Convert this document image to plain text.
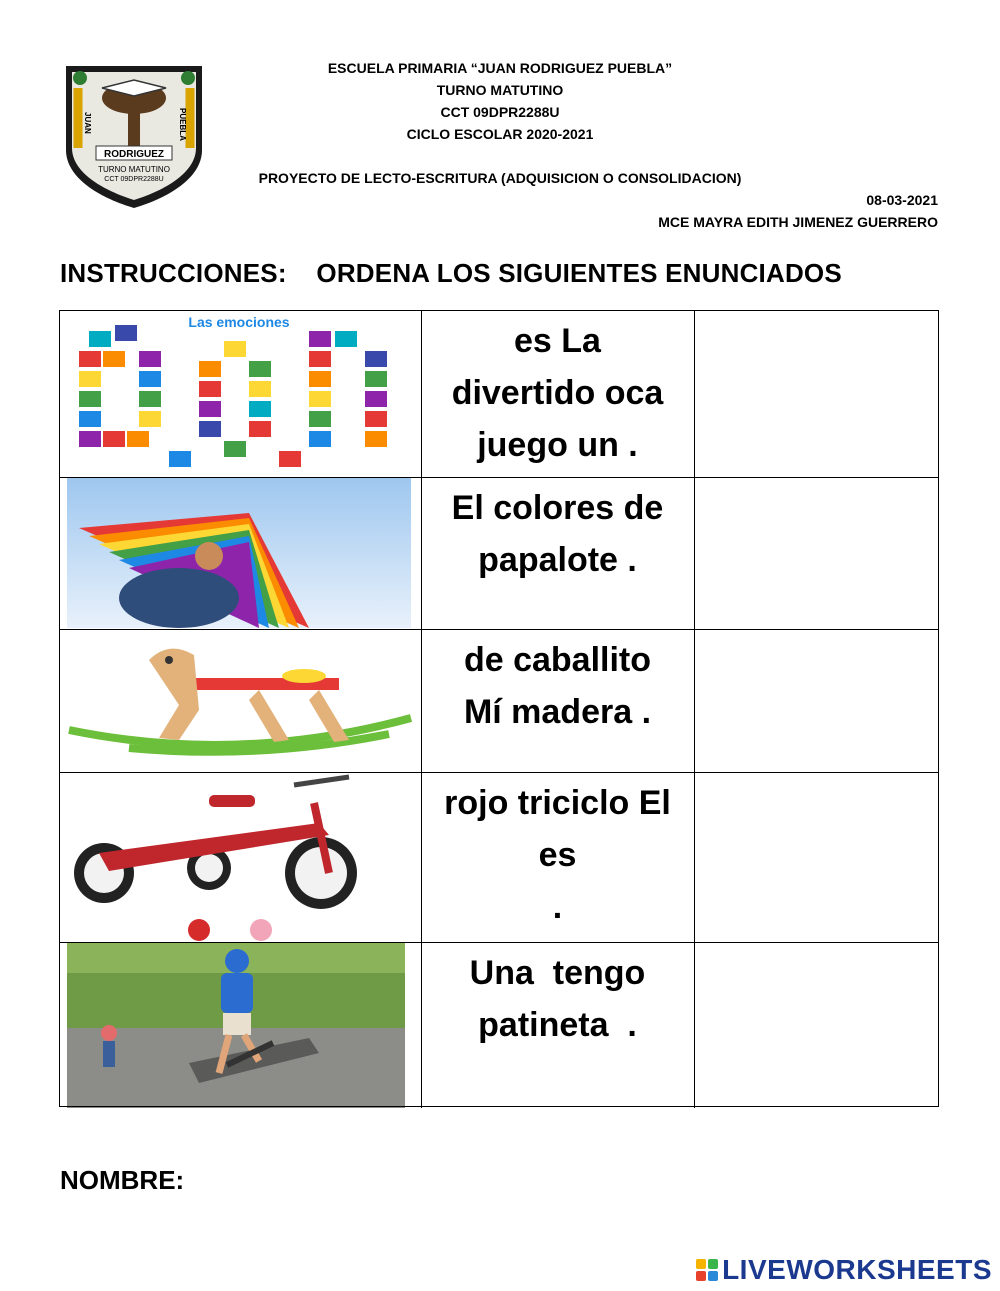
RODRIGUEZ
TURNO MATUTINO
CCT 09DPR2288U
JUAN	PUEBLA
ESCUELA PRIMARIA “JUAN RODRIGUEZ PUEBLA”
TURNO MATUTINO
CCT 09DPR2288U
CICLO ESCOLAR 2020-2021
PROYECTO DE LECTO-ESCRITURA (ADQUISICION O CONSOLIDACION)
08-03-2021
MCE MAYRA EDITH JIMENEZ GUERRERO
INSTRUCCIONES: ORDENA LOS SIGUIENTES ENUNCIADOS
Las emociones	es La
divertido oca
juego un .
El colores de
papalote .
de caballito
Mí madera .
rojo triciclo El
es
.
Una  tengo
patineta  .
NOMBRE:
LIVEWORKSHEETS
